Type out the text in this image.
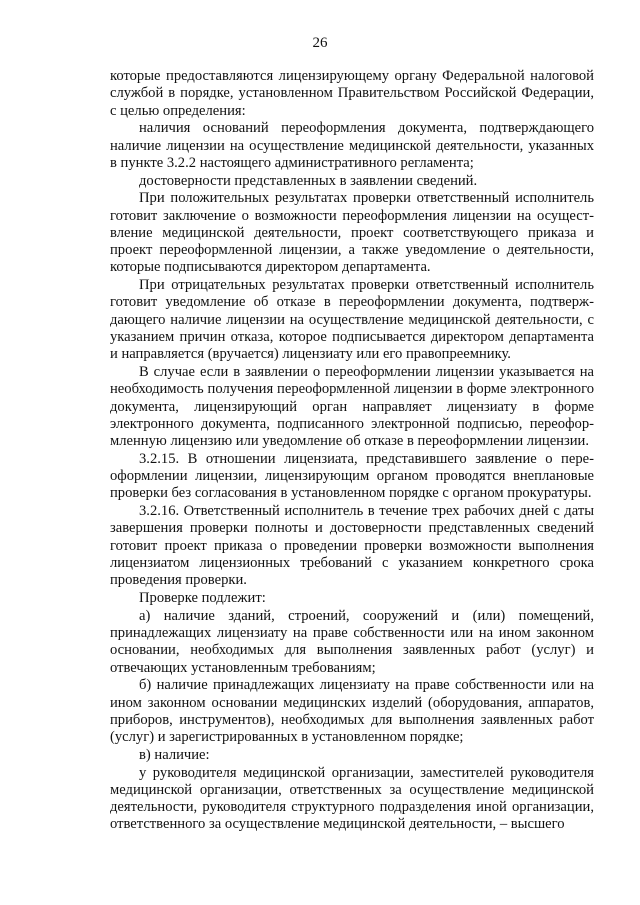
26

которые предоставляются лицензирующему органу Федеральной налоговой службой в порядке, установленном Правительством Российской Федерации, с целью определения:

наличия оснований переоформления документа, подтверждающего наличие лицензии на осуществление медицинской деятельности, указанных в пункте 3.2.2 настоящего административного регламента;

достоверности представленных в заявлении сведений.

При положительных результатах проверки ответственный исполнитель готовит заключение о возможности переоформления лицензии на осуществление медицинской деятельности, проект соответствующего приказа и проект переоформленной лицензии, а также уведомление о деятельности, которые подписываются директором департамента.

При отрицательных результатах проверки ответственный исполнитель готовит уведомление об отказе в переоформлении документа, подтверждающего наличие лицензии на осуществление медицинской деятельности, с указанием причин отказа, которое подписывается директором департамента и направляется (вручается) лицензиату или его правопреемнику.

В случае если в заявлении о переоформлении лицензии указывается на необходимость получения переоформленной лицензии в форме электронного документа, лицензирующий орган направляет лицензиату в форме электронного документа, подписанного электронной подписью, переоформленную лицензию или уведомление об отказе в переоформлении лицензии.

3.2.15. В отношении лицензиата, представившего заявление о переоформлении лицензии, лицензирующим органом проводятся внеплановые проверки без согласования в установленном порядке с органом прокуратуры.

3.2.16. Ответственный исполнитель в течение трех рабочих дней с даты завершения проверки полноты и достоверности представленных сведений готовит проект приказа о проведении проверки возможности выполнения лицензиатом лицензионных требований с указанием конкретного срока проведения проверки.

Проверке подлежит:

а) наличие зданий, строений, сооружений и (или) помещений, принадлежащих лицензиату на праве собственности или на ином законном основании, необходимых для выполнения заявленных работ (услуг) и отвечающих установленным требованиям;

б) наличие принадлежащих лицензиату на праве собственности или на ином законном основании медицинских изделий (оборудования, аппаратов, приборов, инструментов), необходимых для выполнения заявленных работ (услуг) и зарегистрированных в установленном порядке;

в) наличие:

у руководителя медицинской организации, заместителей руководителя медицинской организации, ответственных за осуществление медицинской деятельности, руководителя структурного подразделения иной организации, ответственного за осуществление медицинской деятельности, – высшего
